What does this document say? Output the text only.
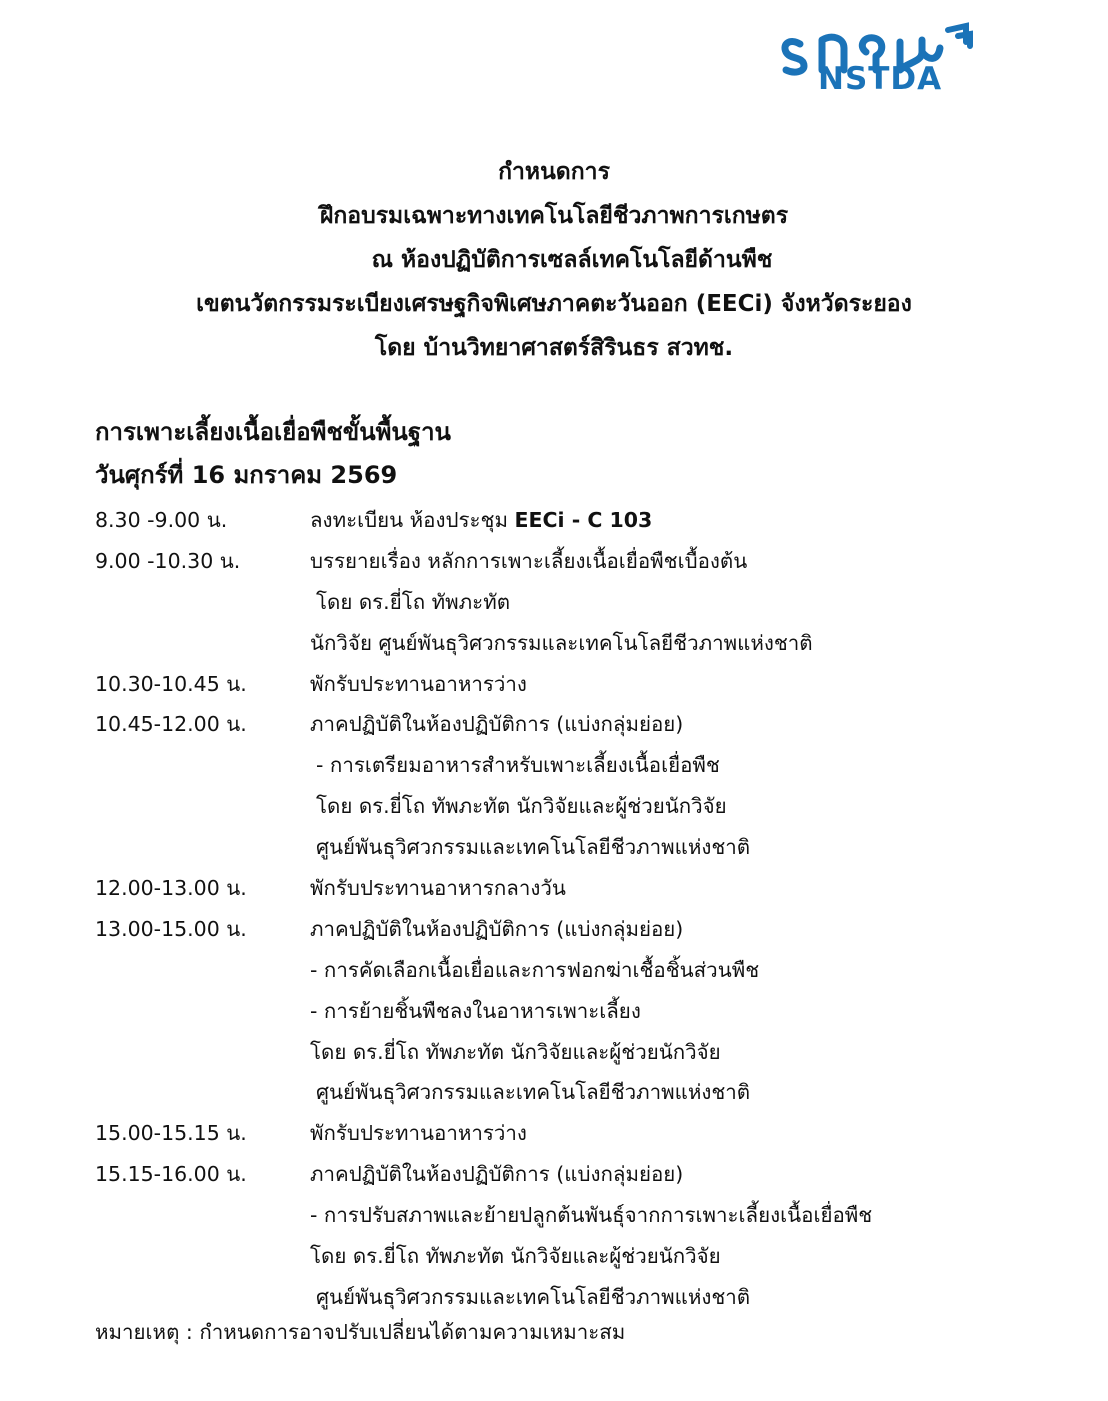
NSTDA
กำหนดการ
ฝึกอบรมเฉพาะทางเทคโนโลยีชีวภาพการเกษตร
ณ ห้องปฏิบัติการเซลล์เทคโนโลยีด้านพืช
เขตนวัตกรรมระเบียงเศรษฐกิจพิเศษภาคตะวันออก (EECi) จังหวัดระยอง
โดย บ้านวิทยาศาสตร์สิรินธร สวทช.
การเพาะเลี้ยงเนื้อเยื่อพืชขั้นพื้นฐาน
วันศุกร์ที่ 16 มกราคม 2569
8.30 -9.00 น.	ลงทะเบียน ห้องประชุม EECi - C 103
9.00 -10.30 น.	บรรยายเรื่อง หลักการเพาะเลี้ยงเนื้อเยื่อพืชเบื้องต้น
โดย ดร.ยี่โถ ทัพภะทัต
นักวิจัย ศูนย์พันธุวิศวกรรมและเทคโนโลยีชีวภาพแห่งชาติ
10.30-10.45 น.	พักรับประทานอาหารว่าง
10.45-12.00 น.	ภาคปฏิบัติในห้องปฏิบัติการ (แบ่งกลุ่มย่อย)
- การเตรียมอาหารสำหรับเพาะเลี้ยงเนื้อเยื่อพืช
โดย ดร.ยี่โถ ทัพภะทัต นักวิจัยและผู้ช่วยนักวิจัย
ศูนย์พันธุวิศวกรรมและเทคโนโลยีชีวภาพแห่งชาติ
12.00-13.00 น.	พักรับประทานอาหารกลางวัน
13.00-15.00 น.	ภาคปฏิบัติในห้องปฏิบัติการ (แบ่งกลุ่มย่อย)
- การคัดเลือกเนื้อเยื่อและการฟอกฆ่าเชื้อชิ้นส่วนพืช
- การย้ายชิ้นพืชลงในอาหารเพาะเลี้ยง
โดย ดร.ยี่โถ ทัพภะทัต นักวิจัยและผู้ช่วยนักวิจัย
ศูนย์พันธุวิศวกรรมและเทคโนโลยีชีวภาพแห่งชาติ
15.00-15.15 น.	พักรับประทานอาหารว่าง
15.15-16.00 น.	ภาคปฏิบัติในห้องปฏิบัติการ (แบ่งกลุ่มย่อย)
- การปรับสภาพและย้ายปลูกต้นพันธุ์จากการเพาะเลี้ยงเนื้อเยื่อพืช
โดย ดร.ยี่โถ ทัพภะทัต นักวิจัยและผู้ช่วยนักวิจัย
ศูนย์พันธุวิศวกรรมและเทคโนโลยีชีวภาพแห่งชาติ
หมายเหตุ : กำหนดการอาจปรับเปลี่ยนได้ตามความเหมาะสม
